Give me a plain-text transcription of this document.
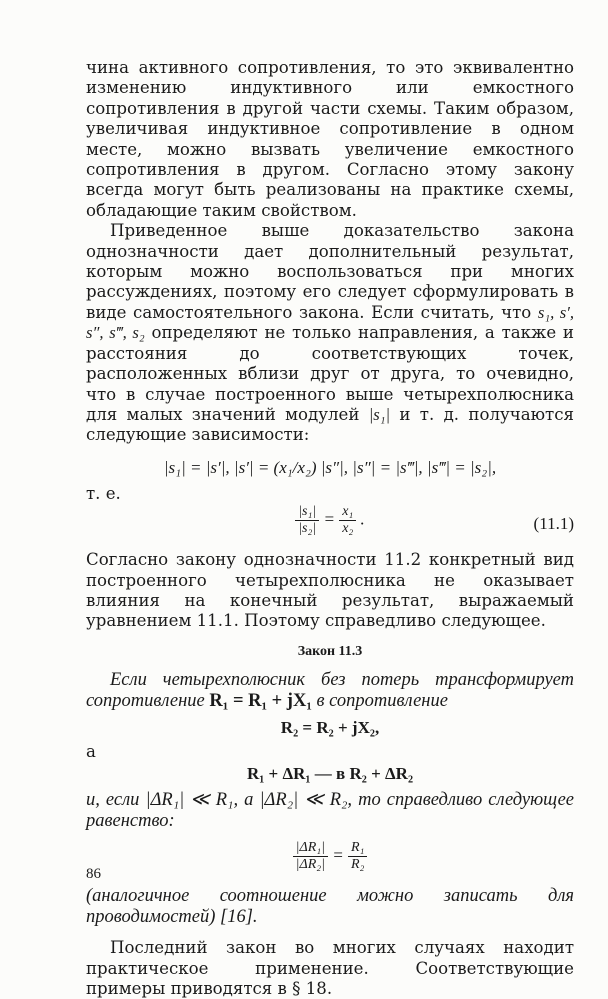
чина активного сопротивления, то это эквивалентно изменению индуктивного или емкостного сопротивления в другой части схемы. Таким образом, увеличивая индуктивное сопротивление в одном месте, можно вызвать увеличение емкостного сопротивления в другом. Согласно этому закону всегда могут быть реализованы на практике схемы, обладающие таким свойством.

Приведенное выше доказательство закона однозначности дает дополнительный результат, которым можно воспользоваться при многих рассуждениях, поэтому его следует сформулировать в виде самостоятельного закона. Если считать, что s₁, s′, s″, s‴, s₂ определяют не только направления, а также и расстояния до соответствующих точек, расположенных вблизи друг от друга, то очевидно, что в случае построенного выше четырехполюсника для малых значений модулей |s₁| и т. д. получаются следующие зависимости:

|s₁| = |s′|, |s′| = (x₁/x₂) |s″|, |s″| = |s‴|, |s‴| = |s₂|,

т. е.

$\frac{\text{|s₁|}}{\text{|s₂|}} = \frac{\text{x₁}}{\text{x₂}}$ .	(11.1)

Согласно закону однозначности 11.2 конкретный вид построенного четырехполюсника не оказывает влияния на конечный результат, выражаемый уравнением 11.1. Поэтому справедливо следующее.

Закон 11.3

Если четырехполюсник без потерь трансформирует сопротивление R₁ = R₁ + jX₁ в сопротивление

R₂ = R₂ + jX₂,

а

R₁ + ΔR₁ — в R₂ + ΔR₂

и, если |ΔR₁| ≪ R₁, а |ΔR₂| ≪ R₂, то справедливо следующее равенство:

$\frac{\text{|ΔR₁|}}{\text{|ΔR₂|}} = \frac{\text{R₁}}{\text{R₂}}$

(аналогичное соотношение можно записать для проводимостей) [16].

Последний закон во многих случаях находит практическое применение. Соответствующие примеры приводятся в § 18.

86
